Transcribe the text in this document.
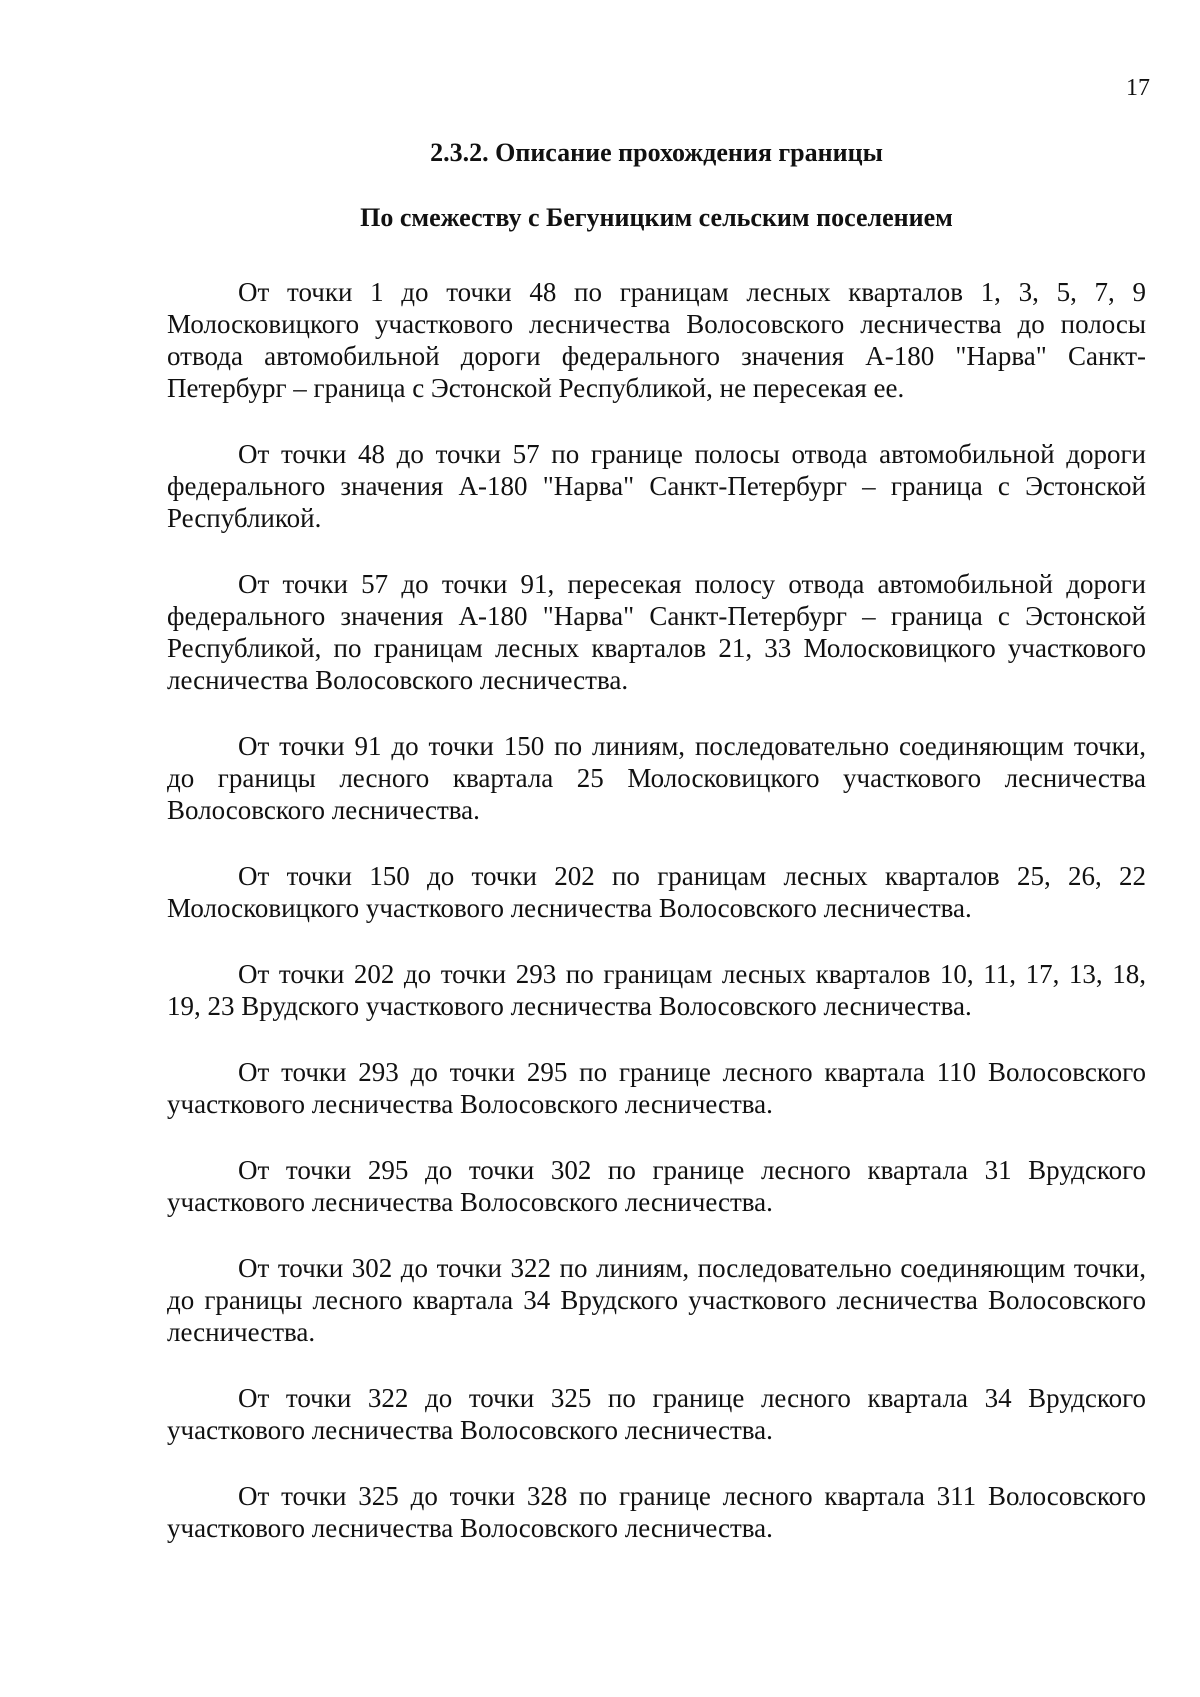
17
2.3.2. Описание прохождения границы
По смежеству с Бегуницким сельским поселением

От точки 1 до точки 48 по границам лесных кварталов 1, 3, 5, 7, 9 Молосковицкого участкового лесничества Волосовского лесничества до полосы отвода автомобильной дороги федерального значения А-180 "Нарва" Санкт-Петербург – граница с Эстонской Республикой, не пересекая ее.

От точки 48 до точки 57 по границе полосы отвода автомобильной дороги федерального значения А-180 "Нарва" Санкт-Петербург – граница с Эстонской Республикой.

От точки 57 до точки 91, пересекая полосу отвода автомобильной дороги федерального значения А-180 "Нарва" Санкт-Петербург – граница с Эстонской Республикой, по границам лесных кварталов 21, 33 Молосковицкого участкового лесничества Волосовского лесничества.

От точки 91 до точки 150 по линиям, последовательно соединяющим точки, до границы лесного квартала 25 Молосковицкого участкового лесничества Волосовского лесничества.

От точки 150 до точки 202 по границам лесных кварталов 25, 26, 22 Молосковицкого участкового лесничества Волосовского лесничества.

От точки 202 до точки 293 по границам лесных кварталов 10, 11, 17, 13, 18, 19, 23 Врудского участкового лесничества Волосовского лесничества.

От точки 293 до точки 295 по границе лесного квартала 110 Волосовского участкового лесничества Волосовского лесничества.

От точки 295 до точки 302 по границе лесного квартала 31 Врудского участкового лесничества Волосовского лесничества.

От точки 302 до точки 322 по линиям, последовательно соединяющим точки, до границы лесного квартала 34 Врудского участкового лесничества Волосовского лесничества.

От точки 322 до точки 325 по границе лесного квартала 34 Врудского участкового лесничества Волосовского лесничества.

От точки 325 до точки 328 по границе лесного квартала 311 Волосовского участкового лесничества Волосовского лесничества.
